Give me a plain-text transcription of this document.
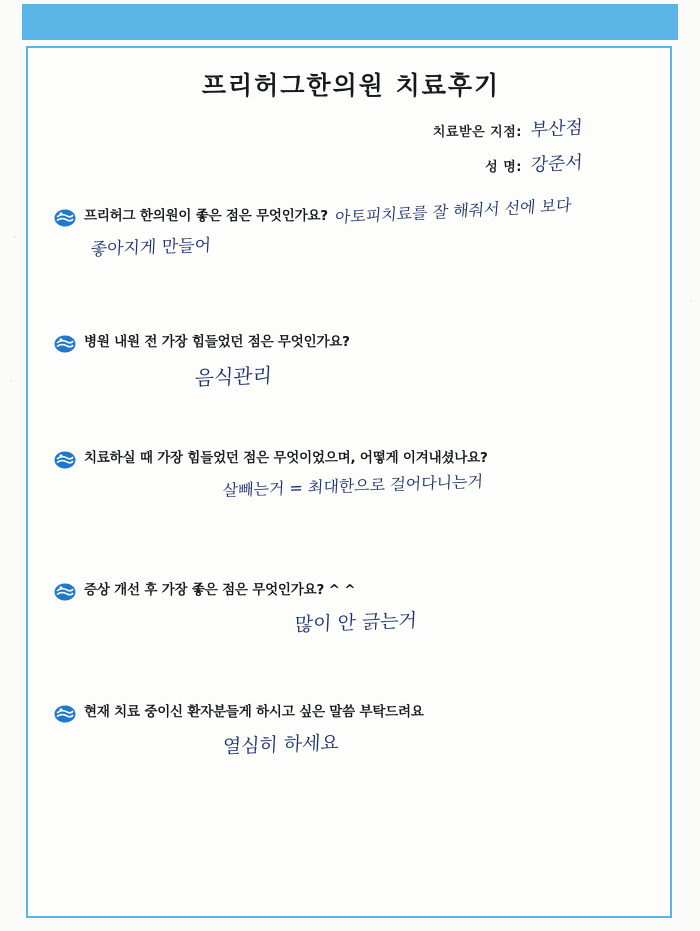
프리허그한의원 치료후기
치료받은 지점: 부산점
성 명: 강준서
프리허그 한의원이 좋은 점은 무엇인가요? 아토피치료를 잘 해줘서 선에 보다
좋아지게 만들어
병원 내원 전 가장 힘들었던 점은 무엇인가요?
음식관리
치료하실 때 가장 힘들었던 점은 무엇이었으며, 어떻게 이겨내셨나요?
살빼는거 = 최대한으로 걸어다니는거
증상 개선 후 가장 좋은 점은 무엇인가요? ^ ^
많이 안 긁는거
현재 치료 중이신 환자분들게 하시고 싶은 말씀 부탁드려요
열심히 하세요
